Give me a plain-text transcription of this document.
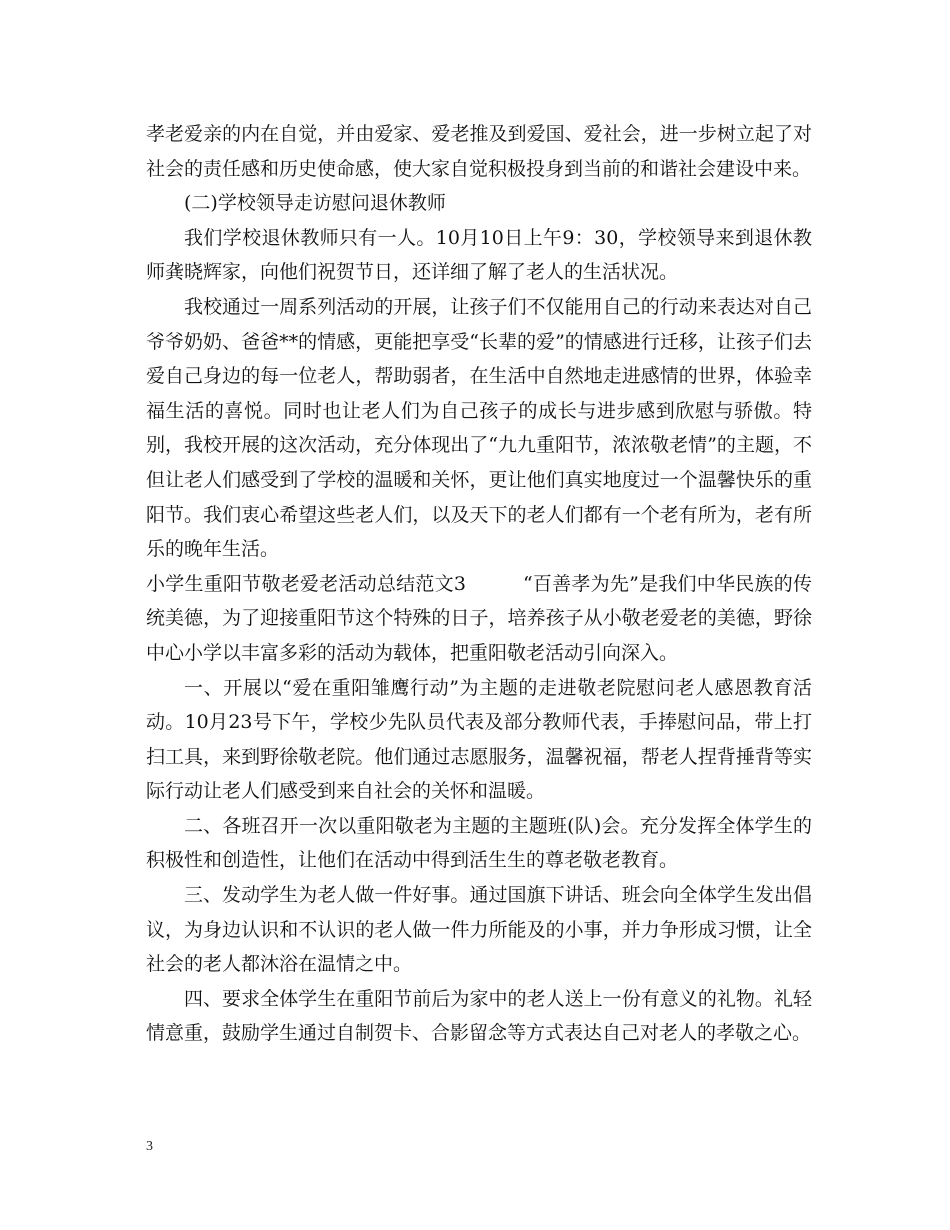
孝老爱亲的内在自觉，并由爱家、爱老推及到爱国、爱社会，进一步树立起了对社会的责任感和历史使命感，使大家自觉积极投身到当前的和谐社会建设中来。

(二)学校领导走访慰问退休教师

我们学校退休教师只有一人。10月10日上午9：30，学校领导来到退休教师龚晓辉家，向他们祝贺节日，还详细了解了老人的生活状况。

我校通过一周系列活动的开展，让孩子们不仅能用自己的行动来表达对自己爷爷奶奶、爸爸**的情感，更能把享受“长辈的爱”的情感进行迁移，让孩子们去爱自己身边的每一位老人，帮助弱者，在生活中自然地走进感情的世界，体验幸福生活的喜悦。同时也让老人们为自己孩子的成长与进步感到欣慰与骄傲。特别，我校开展的这次活动，充分体现出了“九九重阳节，浓浓敬老情”的主题，不但让老人们感受到了学校的温暖和关怀，更让他们真实地度过一个温馨快乐的重阳节。我们衷心希望这些老人们，以及天下的老人们都有一个老有所为，老有所乐的晚年生活。

小学生重阳节敬老爱老活动总结范文3   	“百善孝为先”是我们中华民族的传统美德，为了迎接重阳节这个特殊的日子，培养孩子从小敬老爱老的美德，野徐中心小学以丰富多彩的活动为载体，把重阳敬老活动引向深入。

一、开展以“爱在重阳雏鹰行动”为主题的走进敬老院慰问老人感恩教育活动。10月23号下午，学校少先队员代表及部分教师代表，手捧慰问品，带上打扫工具，来到野徐敬老院。他们通过志愿服务，温馨祝福，帮老人捏背捶背等实际行动让老人们感受到来自社会的关怀和温暖。

二、各班召开一次以重阳敬老为主题的主题班(队)会。充分发挥全体学生的积极性和创造性，让他们在活动中得到活生生的尊老敬老教育。

三、发动学生为老人做一件好事。通过国旗下讲话、班会向全体学生发出倡议，为身边认识和不认识的老人做一件力所能及的小事，并力争形成习惯，让全社会的老人都沐浴在温情之中。

四、要求全体学生在重阳节前后为家中的老人送上一份有意义的礼物。礼轻情意重，鼓励学生通过自制贺卡、合影留念等方式表达自己对老人的孝敬之心。

3
